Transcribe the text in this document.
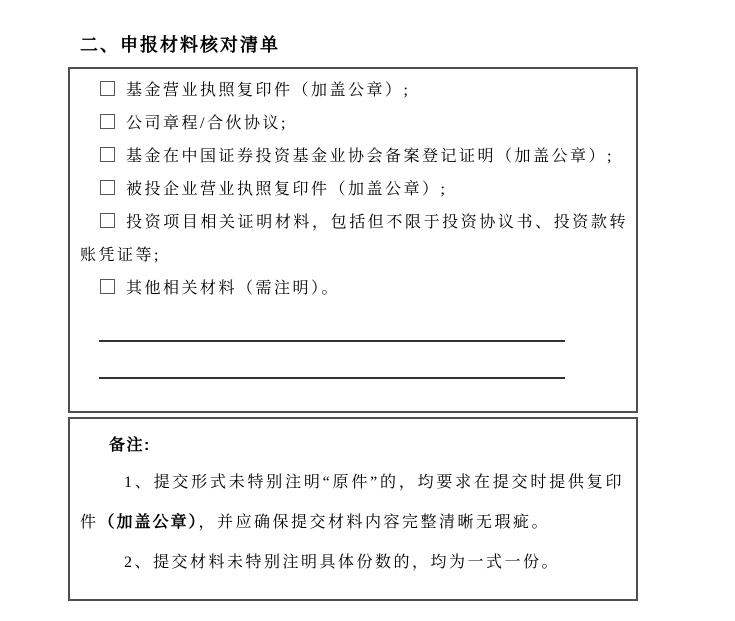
二、申报材料核对清单
基金营业执照复印件（加盖公章）;
公司章程/合伙协议;
基金在中国证券投资基金业协会备案登记证明（加盖公章）;
被投企业营业执照复印件（加盖公章）;
投资项目相关证明材料，包括但不限于投资协议书、投资款转账凭证等;
其他相关材料（需注明）。
备注:

1、提交形式未特别注明“原件”的，均要求在提交时提供复印件（加盖公章），并应确保提交材料内容完整清晰无瑕疵。

2、提交材料未特别注明具体份数的，均为一式一份。
